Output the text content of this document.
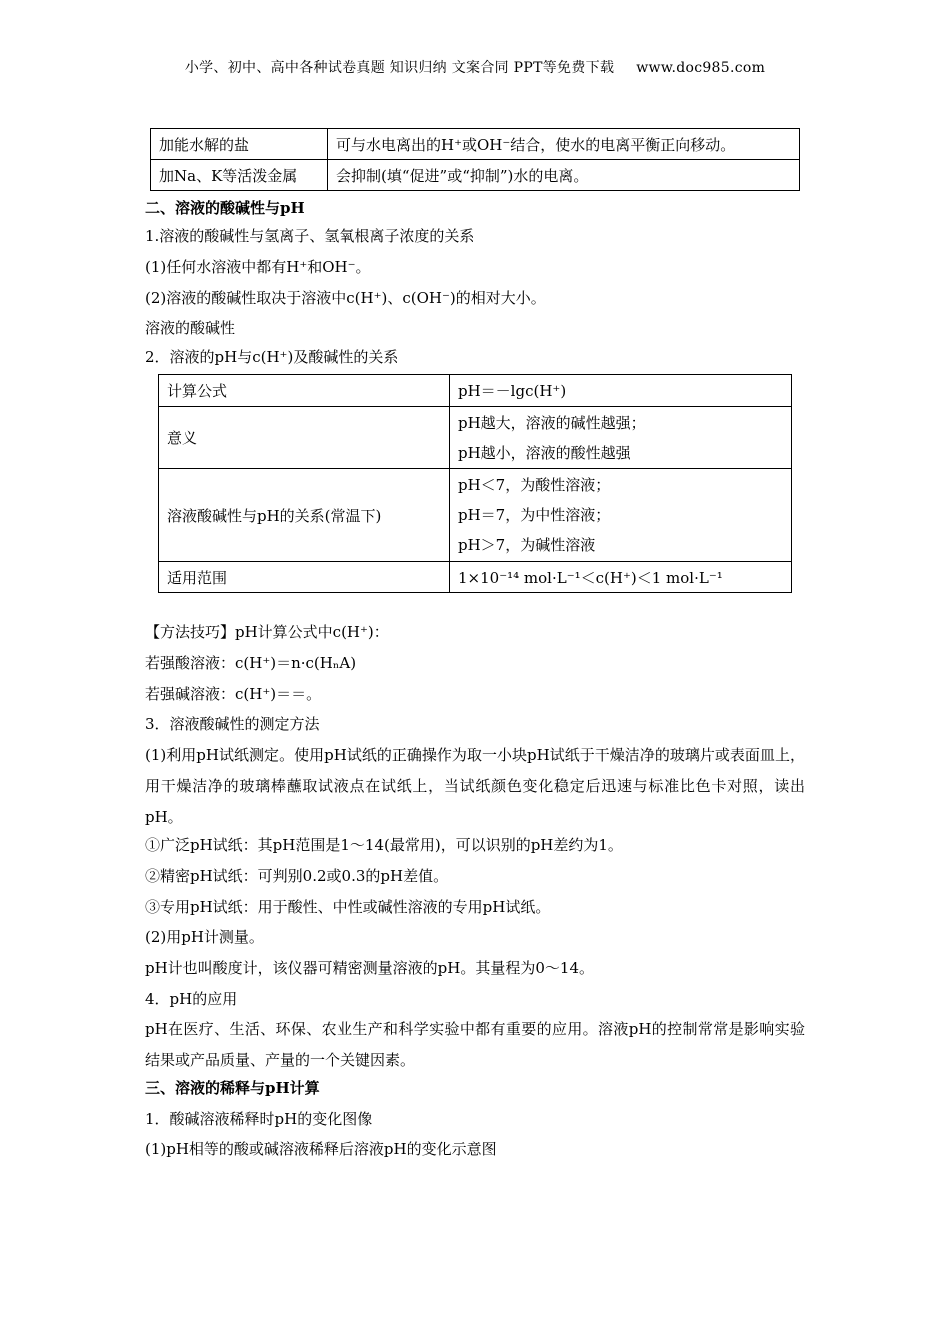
小学、初中、高中各种试卷真题 知识归纳 文案合同 PPT等免费下载 www.doc985.com
加能水解的盐	可与水电离出的H⁺或OH⁻结合，使水的电离平衡正向移动。
加Na、K等活泼金属	会抑制(填“促进”或“抑制”)水的电离。
二、溶液的酸碱性与pH
1.溶液的酸碱性与氢离子、氢氧根离子浓度的关系
(1)任何水溶液中都有H⁺和OH⁻。
(2)溶液的酸碱性取决于溶液中c(H⁺)、c(OH⁻)的相对大小。
溶液的酸碱性
2．溶液的pH与c(H⁺)及酸碱性的关系
计算公式	pH＝－lgc(H⁺)
意义	pH越大，溶液的碱性越强；
pH越小，溶液的酸性越强

溶液酸碱性与pH的关系(常温下)	pH＜7，为酸性溶液；
pH＝7，为中性溶液；
pH＞7，为碱性溶液

适用范围	1×10⁻¹⁴ mol·L⁻¹＜c(H⁺)＜1 mol·L⁻¹
【方法技巧】pH计算公式中c(H⁺)：
若强酸溶液：c(H⁺)＝n·c(HₙA)
若强碱溶液：c(H⁺)＝＝。
3．溶液酸碱性的测定方法
(1)利用pH试纸测定。使用pH试纸的正确操作为取一小块pH试纸于干燥洁净的玻璃片或表面皿上，用干燥洁净的玻璃棒蘸取试液点在试纸上，当试纸颜色变化稳定后迅速与标准比色卡对照，读出pH。
①广泛pH试纸：其pH范围是1～14(最常用)，可以识别的pH差约为1。
②精密pH试纸：可判别0.2或0.3的pH差值。
③专用pH试纸：用于酸性、中性或碱性溶液的专用pH试纸。
(2)用pH计测量。
pH计也叫酸度计，该仪器可精密测量溶液的pH。其量程为0～14。
4．pH的应用
pH在医疗、生活、环保、农业生产和科学实验中都有重要的应用。溶液pH的控制常常是影响实验结果或产品质量、产量的一个关键因素。
三、溶液的稀释与pH计算
1．酸碱溶液稀释时pH的变化图像
(1)pH相等的酸或碱溶液稀释后溶液pH的变化示意图
